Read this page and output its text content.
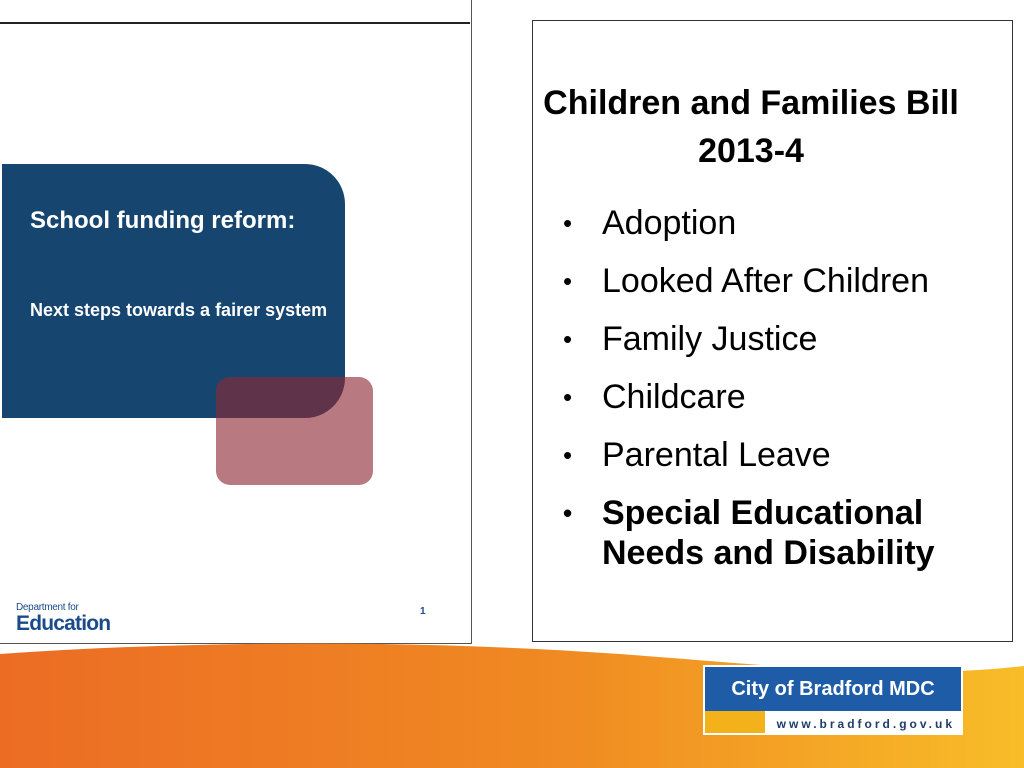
School funding reform:
Next steps towards a fairer system
Department for
Education
1
Children and Families Bill 2013-4
• Adoption
• Looked After Children
• Family Justice
• Childcare
• Parental Leave
• Special Educational Needs and Disability
City of Bradford MDC
www.bradford.gov.uk
